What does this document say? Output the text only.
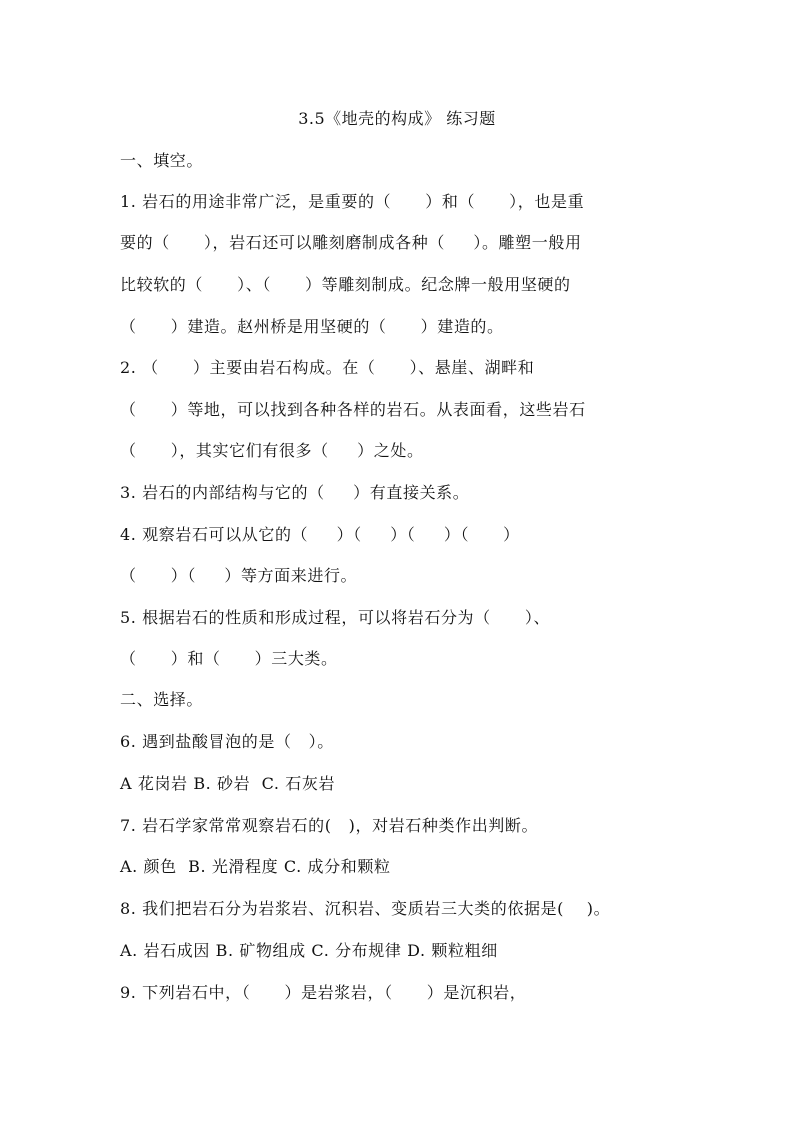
3.5《地壳的构成》 练习题
一、填空。
1. 岩石的用途非常广泛，是重要的（      ）和（      ），也是重
要的（      ），岩石还可以雕刻磨制成各种（     ）。雕塑一般用
比较软的（      ）、（      ）等雕刻制成。纪念牌一般用坚硬的
（      ）建造。赵州桥是用坚硬的（      ）建造的。
2. （      ）主要由岩石构成。在（      ）、悬崖、湖畔和
（      ）等地，可以找到各种各样的岩石。从表面看，这些岩石
（      ），其实它们有很多（     ）之处。
3. 岩石的内部结构与它的（     ）有直接关系。
4. 观察岩石可以从它的（     ）（     ）（     ）（      ）
（      ）（     ）等方面来进行。
5. 根据岩石的性质和形成过程，可以将岩石分为（      ）、
（      ）和（      ）三大类。
二、选择。
6. 遇到盐酸冒泡的是（   ）。
A 花岗岩 B. 砂岩  C. 石灰岩
7. 岩石学家常常观察岩石的(   )，对岩石种类作出判断。
A. 颜色  B. 光滑程度 C. 成分和颗粒
8. 我们把岩石分为岩浆岩、沉积岩、变质岩三大类的依据是(    )。
A. 岩石成因 B. 矿物组成 C. 分布规律 D. 颗粒粗细
9. 下列岩石中，（      ）是岩浆岩，（      ）是沉积岩，
